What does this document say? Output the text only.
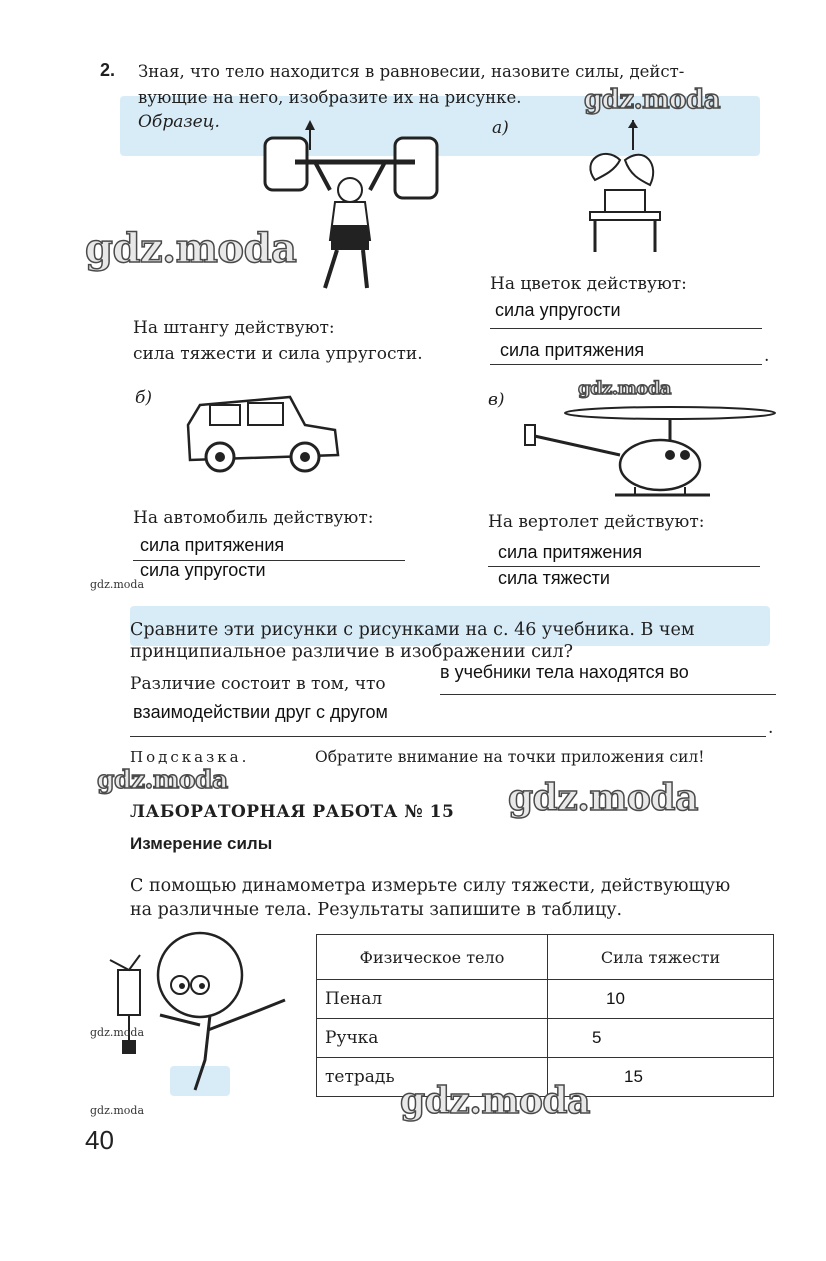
2. Зная, что тело находится в равновесии, назовите силы, дейст-
вующие на него, изобразите их на рисунке.
Образец.
gdz.moda
а)
gdz.moda
На цветок действуют:
сила упругости
сила притяжения	.
На штангу действуют:
сила тяжести и сила упругости.
б)	в)
gdz.moda
На автомобиль действуют:
сила притяжения
сила упругости
gdz.moda
На вертолет действуют:
сила притяжения
сила тяжести
Сравните эти рисунки с рисунками на с. 46 учебника. В чем
принципиальное различие в изображении сил?
Различие состоит в том, что
в учебники тела находятся во
взаимодействии друг с другом
.
Подсказка.	Обратите внимание на точки приложения сил!
gdz.moda	gdz.moda
ЛАБОРАТОРНАЯ РАБОТА № 15
Измерение силы
С помощью динамометра измерьте силу тяжести, действующую
на различные тела. Результаты запишите в таблицу.
gdz.moda
gdz.moda
Физическое тело	Сила тяжести
Пенал	10
Ручка	5
тетрадь	15
gdz.moda
40
